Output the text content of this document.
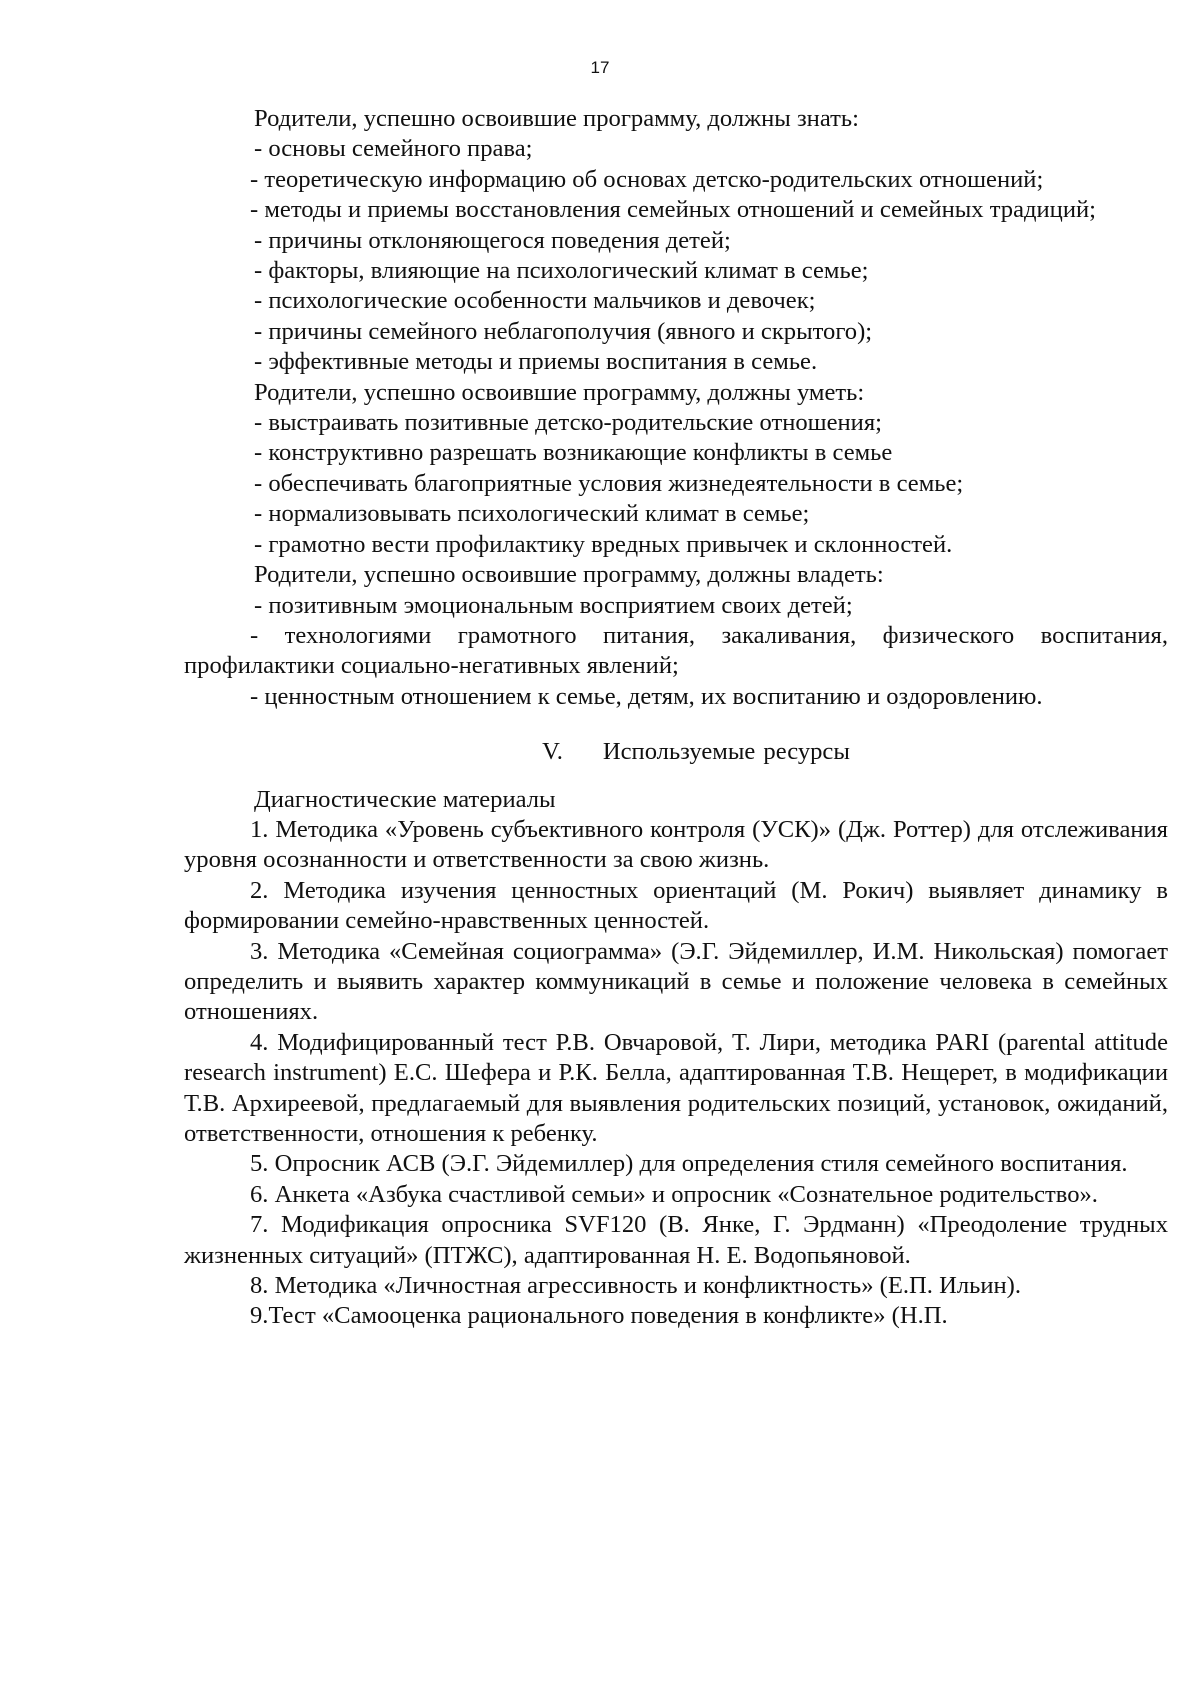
17

Родители, успешно освоившие программу, должны знать:

- основы семейного права;

- теоретическую информацию об основах детско-родительских отношений;

- методы и приемы восстановления семейных отношений и семейных традиций;

- причины отклоняющегося поведения детей;

- факторы, влияющие на психологический климат в семье;

- психологические особенности мальчиков и девочек;

- причины семейного неблагополучия (явного и скрытого);

- эффективные методы и приемы воспитания в семье.

Родители, успешно освоившие программу, должны уметь:

- выстраивать позитивные детско-родительские отношения;

- конструктивно разрешать возникающие конфликты в семье

- обеспечивать благоприятные условия жизнедеятельности в семье;

- нормализовывать психологический климат в семье;

- грамотно вести профилактику вредных привычек и склонностей.

Родители, успешно освоившие программу, должны владеть:

- позитивным эмоциональным восприятием своих детей;

- технологиями грамотного питания, закаливания, физического воспитания, профилактики социально-негативных явлений;

- ценностным отношением к семье, детям, их воспитанию и оздоровлению.

V. Используемые ресурсы

Диагностические материалы

1. Методика «Уровень субъективного контроля (УСК)» (Дж. Роттер) для отслеживания уровня осознанности и ответственности за свою жизнь.

2. Методика изучения ценностных ориентаций (М. Рокич) выявляет динамику в формировании семейно-нравственных ценностей.

3. Методика «Семейная социограмма» (Э.Г. Эйдемиллер, И.М. Никольская) помогает определить и выявить характер коммуникаций в семье и положение человека в семейных отношениях.

4. Модифицированный тест Р.В. Овчаровой, Т. Лири, методика PARI (parental attitude research instrument) Е.С. Шефера и Р.К. Белла, адаптированная Т.В. Нещерет, в модификации Т.В. Архиреевой, предлагаемый для выявления родительских позиций, установок, ожиданий, ответственности, отношения к ребенку.

5. Опросник АСВ (Э.Г. Эйдемиллер) для определения стиля семейного воспитания.

6. Анкета «Азбука счастливой семьи» и опросник «Сознательное родительство».

7. Модификация опросника SVF120 (В. Янке, Г. Эрдманн) «Преодоление трудных жизненных ситуаций» (ПТЖС), адаптированная Н. Е. Водопьяновой.

8. Методика «Личностная агрессивность и конфликтность» (Е.П. Ильин).

9.Тест «Самооценка рационального поведения в конфликте» (Н.П.
